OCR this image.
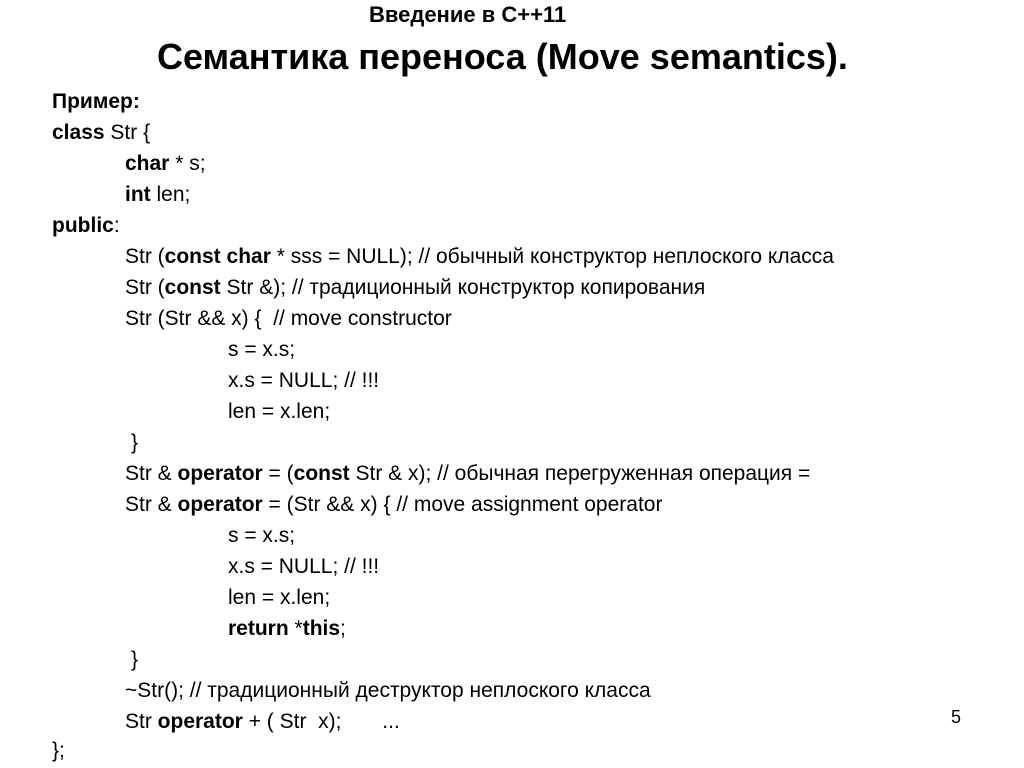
Введение в С++11
Семантика переноса (Move semantics).
Пример:
class Str {
char * s;
int len;
public:
Str (const char * sss = NULL); // обычный конструктор неплоского класса
Str (const Str &); // традиционный конструктор копирования
Str (Str && x) {  // move constructor
s = x.s;
x.s = NULL; // !!!
len = x.len;
}
Str & operator = (const Str & x); // обычная перегруженная операция =
Str & operator = (Str && x) { // move assignment operator
s = x.s;
x.s = NULL; // !!!
len = x.len;
return *this;
}
~Str(); // традиционный деструктор неплоского класса
Str operator + ( Str  x);       ...
};
5
